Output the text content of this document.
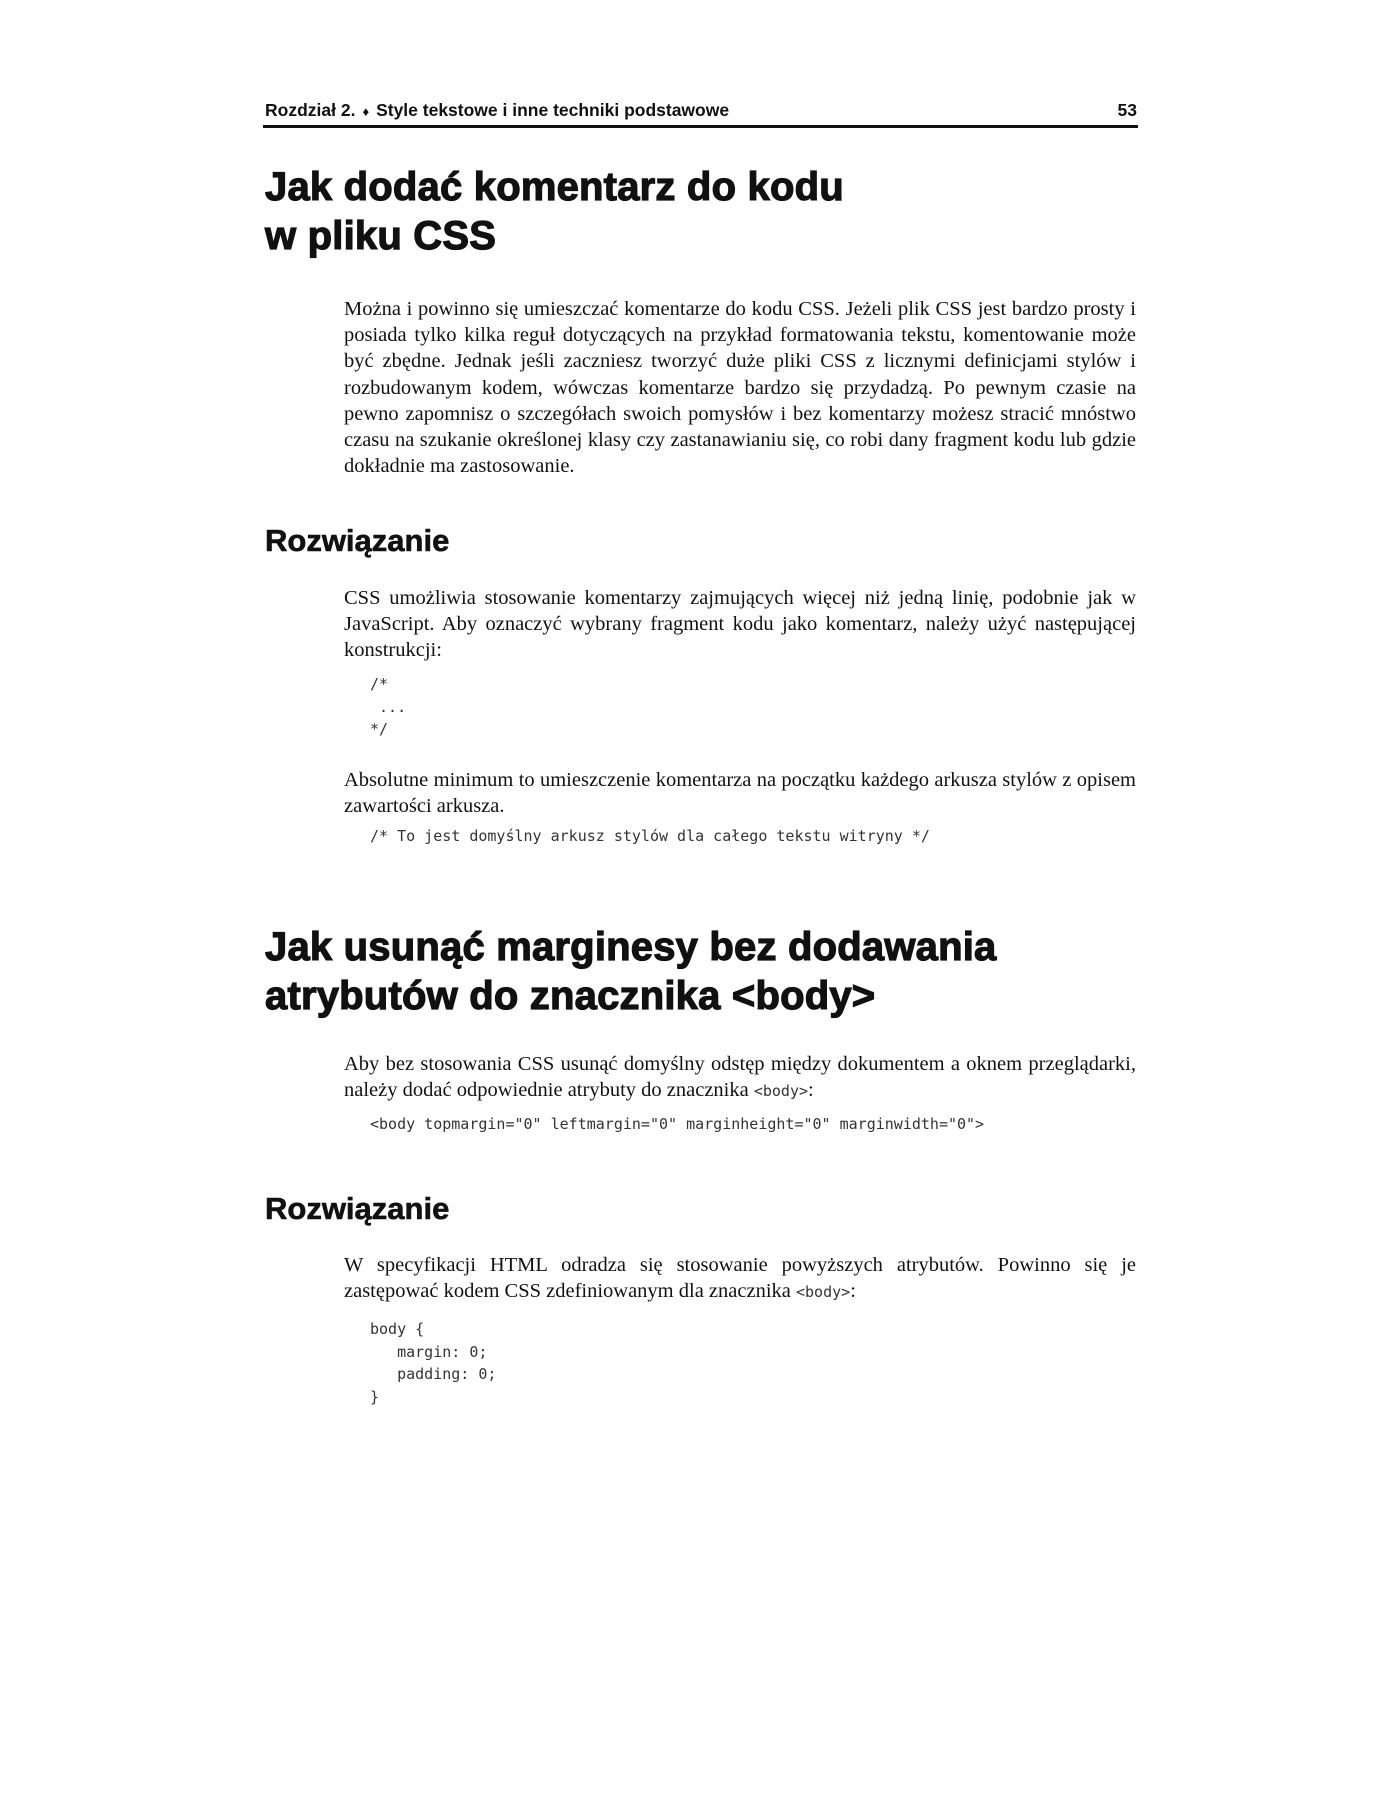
Rozdział 2. ♦ Style tekstowe i inne techniki podstawowe	53
Jak dodać komentarz do kodu
w pliku CSS

Można i powinno się umieszczać komentarze do kodu CSS. Jeżeli plik CSS jest bardzo prosty i posiada tylko kilka reguł dotyczących na przykład formatowania tekstu, komentowanie może być zbędne. Jednak jeśli zaczniesz tworzyć duże pliki CSS z licznymi definicjami stylów i rozbudowanym kodem, wówczas komentarze bardzo się przydadzą. Po pewnym czasie na pewno zapomnisz o szczegółach swoich pomysłów i bez komentarzy możesz stracić mnóstwo czasu na szukanie określonej klasy czy zastanawianiu się, co robi dany fragment kodu lub gdzie dokładnie ma zastosowanie.

Rozwiązanie

CSS umożliwia stosowanie komentarzy zajmujących więcej niż jedną linię, podobnie jak w JavaScript. Aby oznaczyć wybrany fragment kodu jako komentarz, należy użyć następującej konstrukcji:

/*
...
*/

Absolutne minimum to umieszczenie komentarza na początku każdego arkusza stylów z opisem zawartości arkusza.

/* To jest domyślny arkusz stylów dla całego tekstu witryny */
Jak usunąć marginesy bez dodawania
atrybutów do znacznika <body>

Aby bez stosowania CSS usunąć domyślny odstęp między dokumentem a oknem przeglądarki, należy dodać odpowiednie atrybuty do znacznika <body>:

<body topmargin="0" leftmargin="0" marginheight="0" marginwidth="0">
Rozwiązanie

W specyfikacji HTML odradza się stosowanie powyższych atrybutów. Powinno się je zastępować kodem CSS zdefiniowanym dla znacznika <body>:

body {
margin: 0;
padding: 0;
}
